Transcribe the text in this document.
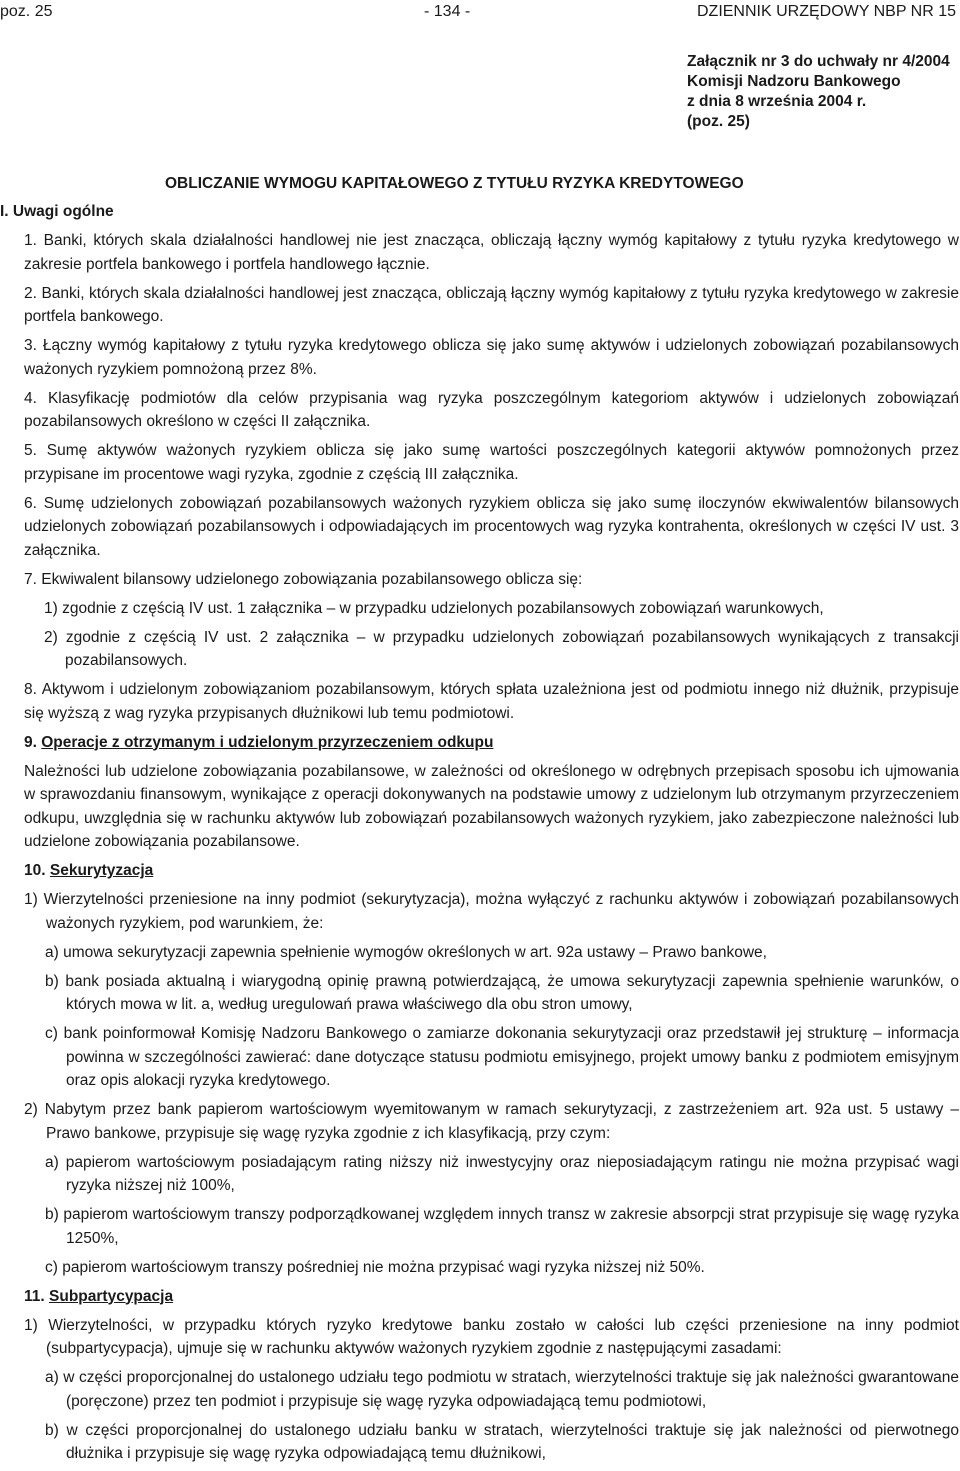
poz. 25	- 134 -	DZIENNIK URZĘDOWY NBP NR 15
Załącznik nr 3 do uchwały nr 4/2004
Komisji Nadzoru Bankowego
z dnia 8 września 2004 r.
(poz. 25)
OBLICZANIE WYMOGU KAPITAŁOWEGO Z TYTUŁU RYZYKA KREDYTOWEGO
I. Uwagi ogólne

1. Banki, których skala działalności handlowej nie jest znacząca, obliczają łączny wymóg kapitałowy z tytułu ryzyka kredytowego w zakresie portfela bankowego i portfela handlowego łącznie.

2. Banki, których skala działalności handlowej jest znacząca, obliczają łączny wymóg kapitałowy z tytułu ryzyka kredytowego w zakresie portfela bankowego.

3. Łączny wymóg kapitałowy z tytułu ryzyka kredytowego oblicza się jako sumę aktywów i udzielonych zobowiązań pozabilansowych ważonych ryzykiem pomnożoną przez 8%.

4. Klasyfikację podmiotów dla celów przypisania wag ryzyka poszczególnym kategoriom aktywów i udzielonych zobowiązań pozabilansowych określono w części II załącznika.

5. Sumę aktywów ważonych ryzykiem oblicza się jako sumę wartości poszczególnych kategorii aktywów pomnożonych przez przypisane im procentowe wagi ryzyka, zgodnie z częścią III załącznika.

6. Sumę udzielonych zobowiązań pozabilansowych ważonych ryzykiem oblicza się jako sumę iloczynów ekwiwalentów bilansowych udzielonych zobowiązań pozabilansowych i odpowiadających im procentowych wag ryzyka kontrahenta, określonych w części IV ust. 3 załącznika.

7. Ekwiwalent bilansowy udzielonego zobowiązania pozabilansowego oblicza się:

1) zgodnie z częścią IV ust. 1 załącznika – w przypadku udzielonych pozabilansowych zobowiązań warunkowych,

2) zgodnie z częścią IV ust. 2 załącznika – w przypadku udzielonych zobowiązań pozabilansowych wynikających z transakcji pozabilansowych.

8. Aktywom i udzielonym zobowiązaniom pozabilansowym, których spłata uzależniona jest od podmiotu innego niż dłużnik, przypisuje się wyższą z wag ryzyka przypisanych dłużnikowi lub temu podmiotowi.

9. Operacje z otrzymanym i udzielonym przyrzeczeniem odkupu

Należności lub udzielone zobowiązania pozabilansowe, w zależności od określonego w odrębnych przepisach sposobu ich ujmowania w sprawozdaniu finansowym, wynikające z operacji dokonywanych na podstawie umowy z udzielonym lub otrzymanym przyrzeczeniem odkupu, uwzględnia się w rachunku aktywów lub zobowiązań pozabilansowych ważonych ryzykiem, jako zabezpieczone należności lub udzielone zobowiązania pozabilansowe.

10. Sekurytyzacja

1) Wierzytelności przeniesione na inny podmiot (sekurytyzacja), można wyłączyć z rachunku aktywów i zobowiązań pozabilansowych ważonych ryzykiem, pod warunkiem, że:

a) umowa sekurytyzacji zapewnia spełnienie wymogów określonych w art. 92a ustawy – Prawo bankowe,

b) bank posiada aktualną i wiarygodną opinię prawną potwierdzającą, że umowa sekurytyzacji zapewnia spełnienie warunków, o których mowa w lit. a, według uregulowań prawa właściwego dla obu stron umowy,

c) bank poinformował Komisję Nadzoru Bankowego o zamiarze dokonania sekurytyzacji oraz przedstawił jej strukturę – informacja powinna w szczególności zawierać: dane dotyczące statusu podmiotu emisyjnego, projekt umowy banku z podmiotem emisyjnym oraz opis alokacji ryzyka kredytowego.

2) Nabytym przez bank papierom wartościowym wyemitowanym w ramach sekurytyzacji, z zastrzeżeniem art. 92a ust. 5 ustawy – Prawo bankowe, przypisuje się wagę ryzyka zgodnie z ich klasyfikacją, przy czym:

a) papierom wartościowym posiadającym rating niższy niż inwestycyjny oraz nieposiadającym ratingu nie można przypisać wagi ryzyka niższej niż 100%,

b) papierom wartościowym transzy podporządkowanej względem innych transz w zakresie absorpcji strat przypisuje się wagę ryzyka 1250%,

c) papierom wartościowym transzy pośredniej nie można przypisać wagi ryzyka niższej niż 50%.

11. Subpartycypacja

1) Wierzytelności, w przypadku których ryzyko kredytowe banku zostało w całości lub części przeniesione na inny podmiot (subpartycypacja), ujmuje się w rachunku aktywów ważonych ryzykiem zgodnie z następującymi zasadami:

a) w części proporcjonalnej do ustalonego udziału tego podmiotu w stratach, wierzytelności traktuje się jak należności gwarantowane (poręczone) przez ten podmiot i przypisuje się wagę ryzyka odpowiadającą temu podmiotowi,

b) w części proporcjonalnej do ustalonego udziału banku w stratach, wierzytelności traktuje się jak należności od pierwotnego dłużnika i przypisuje się wagę ryzyka odpowiadającą temu dłużnikowi,
